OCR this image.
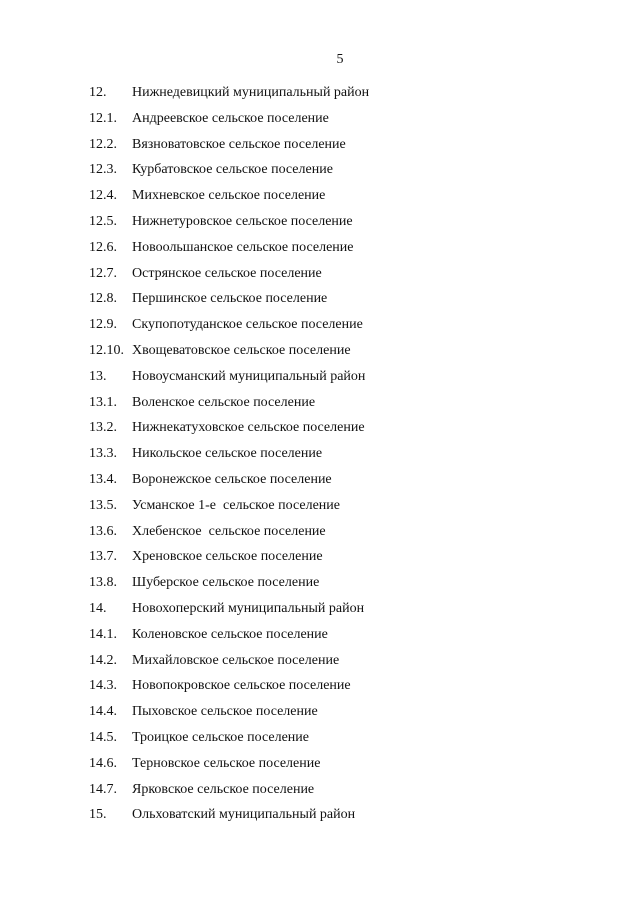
5
12. Нижнедевицкий муниципальный район
12.1. Андреевское сельское поселение
12.2. Вязноватовское сельское поселение
12.3. Курбатовское сельское поселение
12.4. Михневское сельское поселение
12.5. Нижнетуровское сельское поселение
12.6. Новоольшанское сельское поселение
12.7. Острянское сельское поселение
12.8. Першинское сельское поселение
12.9. Скупопотуданское сельское поселение
12.10. Хвощеватовское сельское поселение
13. Новоусманский муниципальный район
13.1. Воленское сельское поселение
13.2. Нижнекатуховское сельское поселение
13.3. Никольское сельское поселение
13.4. Воронежское сельское поселение
13.5. Усманское 1-е  сельское поселение
13.6. Хлебенское  сельское поселение
13.7. Хреновское сельское поселение
13.8. Шуберское сельское поселение
14. Новохоперский муниципальный район
14.1. Коленовское сельское поселение
14.2. Михайловское сельское поселение
14.3. Новопокровское сельское поселение
14.4. Пыховское сельское поселение
14.5. Троицкое сельское поселение
14.6. Терновское сельское поселение
14.7. Ярковское сельское поселение
15. Ольховатский муниципальный район
